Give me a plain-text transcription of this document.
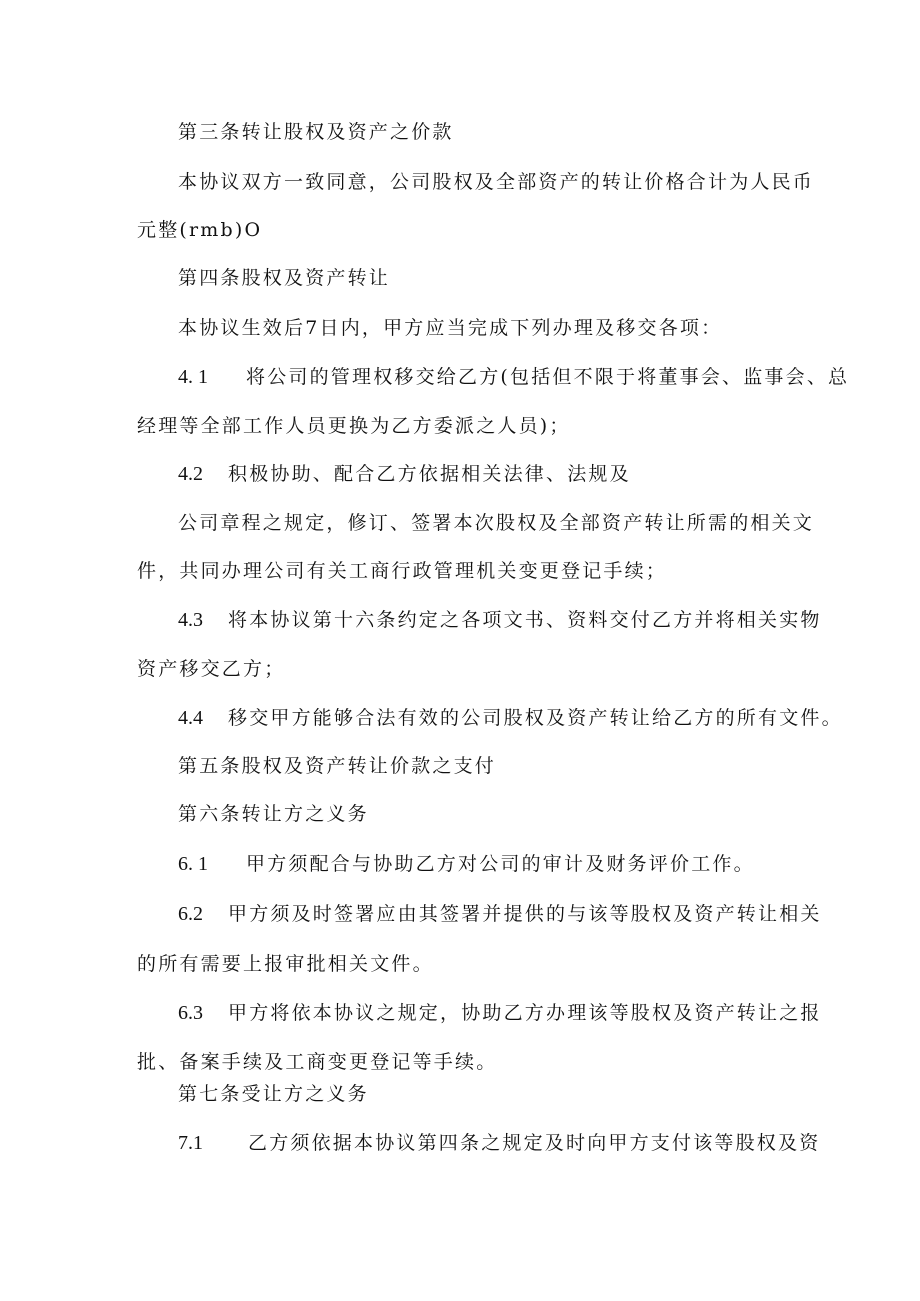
第三条转让股权及资产之价款
本协议双方一致同意，公司股权及全部资产的转让价格合计为人民币
元整(rmb)O
第四条股权及资产转让
本协议生效后7日内，甲方应当完成下列办理及移交各项：
4. 1 将公司的管理权移交给乙方(包括但不限于将董事会、监事会、总
经理等全部工作人员更换为乙方委派之人员)；
4.2 积极协助、配合乙方依据相关法律、法规及
公司章程之规定，修订、签署本次股权及全部资产转让所需的相关文
件，共同办理公司有关工商行政管理机关变更登记手续；
4.3 将本协议第十六条约定之各项文书、资料交付乙方并将相关实物
资产移交乙方；
4.4 移交甲方能够合法有效的公司股权及资产转让给乙方的所有文件。
第五条股权及资产转让价款之支付
第六条转让方之义务
6. 1 甲方须配合与协助乙方对公司的审计及财务评价工作。
6.2 甲方须及时签署应由其签署并提供的与该等股权及资产转让相关
的所有需要上报审批相关文件。
6.3 甲方将依本协议之规定，协助乙方办理该等股权及资产转让之报
批、备案手续及工商变更登记等手续。
第七条受让方之义务
7.1 乙方须依据本协议第四条之规定及时向甲方支付该等股权及资
